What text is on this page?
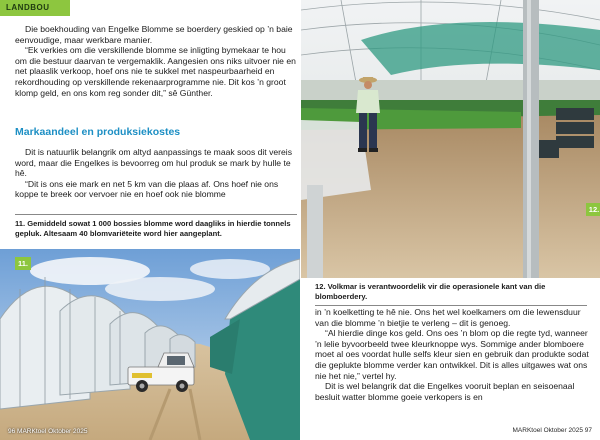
LANDBOU

Die boekhouding van Engelke Blomme se boerdery geskied op ’n baie eenvoudige, maar werkbare manier.

“Ek verkies om die verskillende blomme se inligting bymekaar te hou om die bestuur daarvan te vergemaklik. Aangesien ons niks uitvoer nie en net plaaslik verkoop, hoef ons nie te sukkel met naspeurbaarheid en rekordhouding op verskillende rekenaarprogramme nie. Dit kos ’n groot klomp geld, en ons kom reg sonder dit,” sê Günther.

Markaandeel en produksiekostes

Dit is natuurlik belangrik om altyd aanpassings te maak soos dit vereis word, maar die Engelkes is bevoorreg om hul produk se mark by hulle te hê.

“Dit is ons eie mark en net 5 km van die plaas af. Ons hoef nie ons koppe te breek oor vervoer nie en hoef ook nie blomme

11. Gemiddeld sowat 1 000 bossies blomme word daagliks in hierdie tonnels gepluk. Altesaam 40 blomvariëteite word hier aangeplant.
11.
96 MARKtoel Oktober 2025
12.
12. Volkmar is verantwoordelik vir die operasionele kant van die blomboerdery.

in ’n koelketting te hê nie. Ons het wel koelkamers om die lewensduur van die blomme ’n bietjie te verleng – dit is genoeg.

“Al hierdie dinge kos geld. Ons oes ’n blom op die regte tyd, wanneer ’n lelie byvoorbeeld twee kleurknoppe wys. Sommige ander blomboere moet al oes voordat hulle selfs kleur sien en gebruik dan produkte sodat die geplukte blomme verder kan ontwikkel. Dit is alles uitgawes wat ons nie het nie,” vertel hy.

Dit is wel belangrik dat die Engelkes vooruit beplan en seisoenaal besluit watter blomme goeie verkopers is en

MARKtoel Oktober 2025 97
